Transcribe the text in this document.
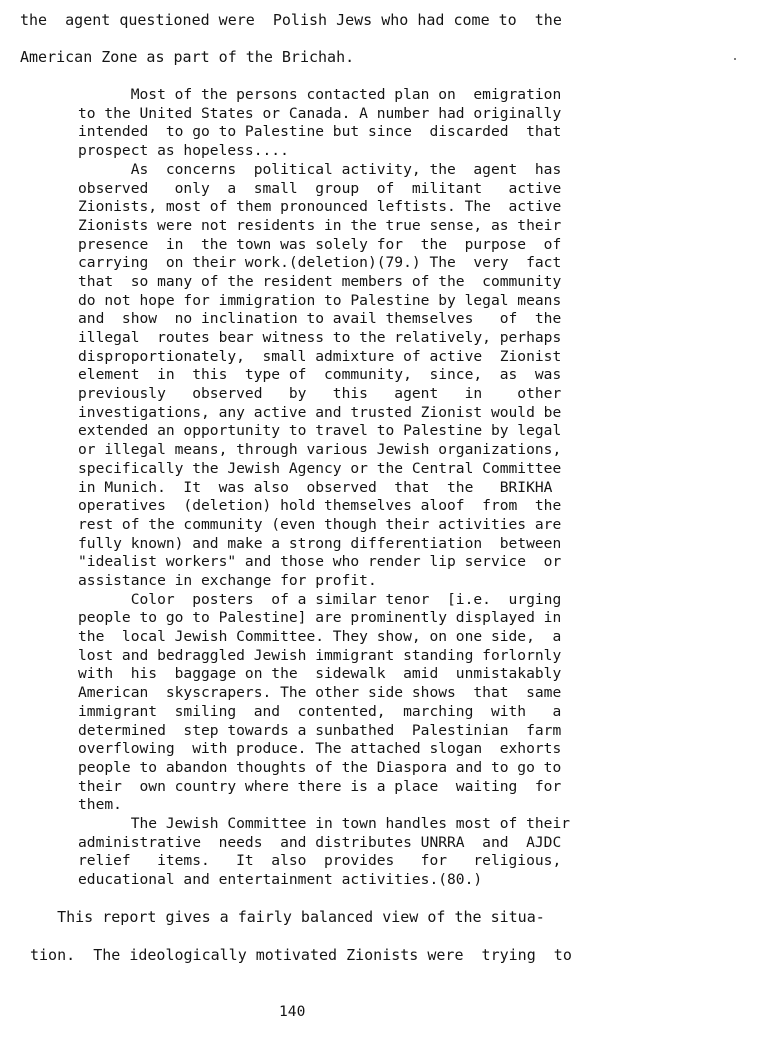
the  agent questioned were  Polish Jews who had come to  the
American Zone as part of the Brichah.
Most of the persons contacted plan on  emigration
to the United States or Canada. A number had originally
intended  to go to Palestine but since  discarded  that
prospect as hopeless....
As  concerns  political activity, the  agent  has
observed   only  a  small  group  of  militant   active
Zionists, most of them pronounced leftists. The  active
Zionists were not residents in the true sense, as their
presence  in  the town was solely for  the  purpose  of
carrying  on their work.(deletion)(79.) The  very  fact
that  so many of the resident members of the  community
do not hope for immigration to Palestine by legal means
and  show  no inclination to avail themselves   of  the
illegal  routes bear witness to the relatively, perhaps
disproportionately,  small admixture of active  Zionist
element  in  this  type of  community,  since,  as  was
previously   observed   by   this   agent   in    other
investigations, any active and trusted Zionist would be
extended an opportunity to travel to Palestine by legal
or illegal means, through various Jewish organizations,
specifically the Jewish Agency or the Central Committee
in Munich.  It  was also  observed  that  the   BRIKHA
operatives  (deletion) hold themselves aloof  from  the
rest of the community (even though their activities are
fully known) and make a strong differentiation  between
"idealist workers" and those who render lip service  or
assistance in exchange for profit.
Color  posters  of a similar tenor  [i.e.  urging
people to go to Palestine] are prominently displayed in
the  local Jewish Committee. They show, on one side,  a
lost and bedraggled Jewish immigrant standing forlornly
with  his  baggage on the  sidewalk  amid  unmistakably
American  skyscrapers. The other side shows  that  same
immigrant  smiling  and  contented,  marching  with   a
determined  step towards a sunbathed  Palestinian  farm
overflowing  with produce. The attached slogan  exhorts
people to abandon thoughts of the Diaspora and to go to
their  own country where there is a place  waiting  for
them.
The Jewish Committee in town handles most of their
administrative  needs  and distributes UNRRA  and  AJDC
relief   items.   It  also  provides   for   religious,
educational and entertainment activities.(80.)
This report gives a fairly balanced view of the situa-
tion.  The ideologically motivated Zionists were  trying  to
140
